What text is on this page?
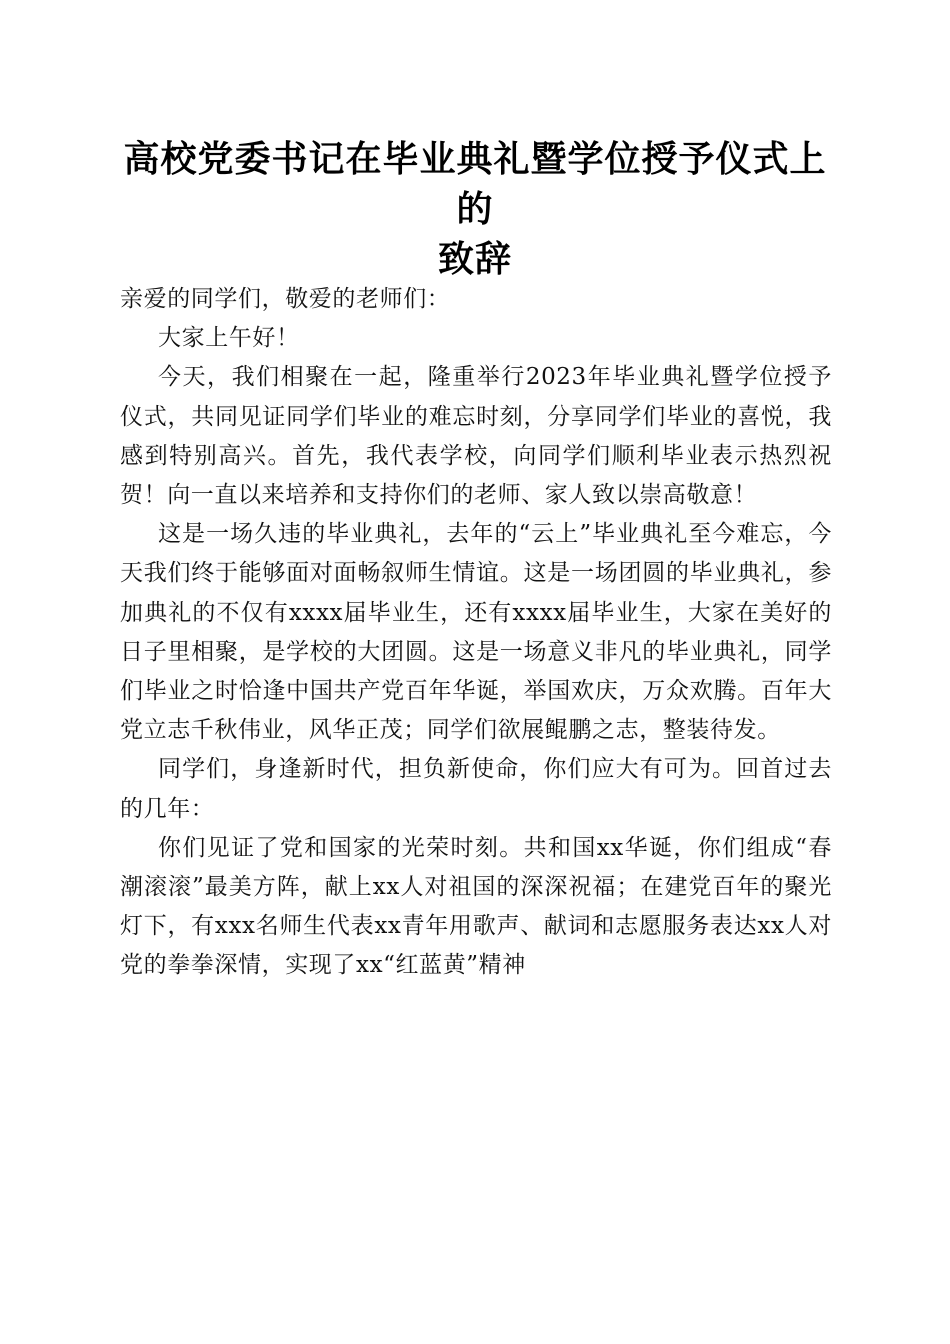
高校党委书记在毕业典礼暨学位授予仪式上的
致辞

亲爱的同学们，敬爱的老师们：

大家上午好！

今天，我们相聚在一起，隆重举行2023年毕业典礼暨学位授予仪式，共同见证同学们毕业的难忘时刻，分享同学们毕业的喜悦，我感到特别高兴。首先，我代表学校，向同学们顺利毕业表示热烈祝贺！向一直以来培养和支持你们的老师、家人致以崇高敬意！

这是一场久违的毕业典礼，去年的“云上”毕业典礼至今难忘，今天我们终于能够面对面畅叙师生情谊。这是一场团圆的毕业典礼，参加典礼的不仅有xxxx届毕业生，还有xxxx届毕业生，大家在美好的日子里相聚，是学校的大团圆。这是一场意义非凡的毕业典礼，同学们毕业之时恰逢中国共产党百年华诞，举国欢庆，万众欢腾。百年大党立志千秋伟业，风华正茂；同学们欲展鲲鹏之志，整装待发。

同学们，身逢新时代，担负新使命，你们应大有可为。回首过去的几年：

你们见证了党和国家的光荣时刻。共和国xx华诞，你们组成“春潮滚滚”最美方阵，献上xx人对祖国的深深祝福；在建党百年的聚光灯下，有xxx名师生代表xx青年用歌声、献词和志愿服务表达xx人对党的拳拳深情，实现了xx“红蓝黄”精神
